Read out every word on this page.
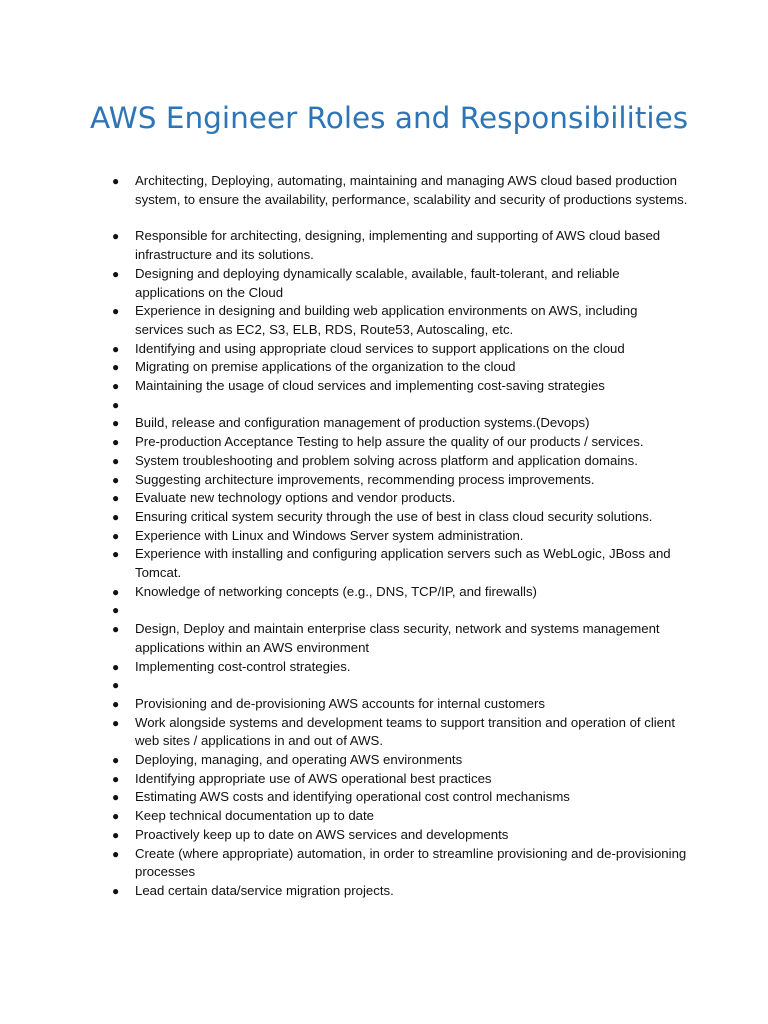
AWS Engineer Roles and Responsibilities
● Architecting, Deploying, automating, maintaining and managing AWS cloud based production system, to ensure the availability, performance, scalability and security of productions systems.
● Responsible for architecting, designing, implementing and supporting of AWS cloud based infrastructure and its solutions.
● Designing and deploying dynamically scalable, available, fault-tolerant, and reliable applications on the Cloud
● Experience in designing and building web application environments on AWS, including services such as EC2, S3, ELB, RDS, Route53, Autoscaling, etc.
● Identifying and using appropriate cloud services to support applications on the cloud
● Migrating on premise applications of the organization to the cloud
● Maintaining the usage of cloud services and implementing cost-saving strategies
●
● Build, release and configuration management of production systems.(Devops)
● Pre-production Acceptance Testing to help assure the quality of our products / services.
● System troubleshooting and problem solving across platform and application domains.
● Suggesting architecture improvements, recommending process improvements.
● Evaluate new technology options and vendor products.
● Ensuring critical system security through the use of best in class cloud security solutions.
● Experience with Linux and Windows Server system administration.
● Experience with installing and configuring application servers such as WebLogic, JBoss and Tomcat.
● Knowledge of networking concepts (e.g., DNS, TCP/IP, and firewalls)
●
● Design, Deploy and maintain enterprise class security, network and systems management applications within an AWS environment
● Implementing cost-control strategies.
●
● Provisioning and de-provisioning AWS accounts for internal customers
● Work alongside systems and development teams to support transition and operation of client web sites / applications in and out of AWS.
● Deploying, managing, and operating AWS environments
● Identifying appropriate use of AWS operational best practices
● Estimating AWS costs and identifying operational cost control mechanisms
● Keep technical documentation up to date
● Proactively keep up to date on AWS services and developments
● Create (where appropriate) automation, in order to streamline provisioning and de-provisioning processes
● Lead certain data/service migration projects.
